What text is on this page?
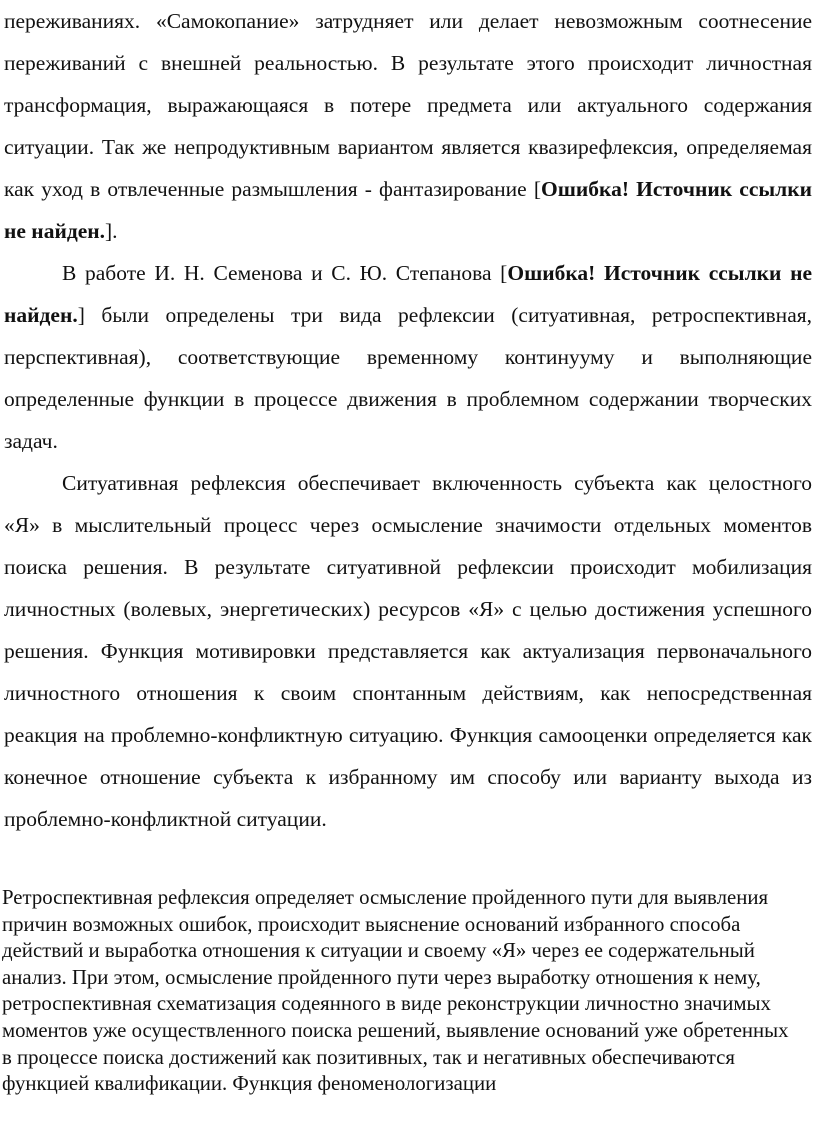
переживаниях. «Самокопание» затрудняет или делает невозможным соотнесение переживаний с внешней реальностью. В результате этого происходит личностная трансформация, выражающаяся в потере предмета или актуального содержания ситуации. Так же непродуктивным вариантом является квазирефлексия, определяемая как уход в отвлеченные размышления - фантазирование [Ошибка! Источник ссылки не найден.].

В работе И. Н. Семенова и С. Ю. Степанова [Ошибка! Источник ссылки не найден.] были определены три вида рефлексии (ситуативная, ретроспективная, перспективная), соответствующие временному континууму и выполняющие определенные функции в процессе движения в проблемном содержании творческих задач.

Ситуативная рефлексия обеспечивает включенность субъекта как целостного «Я» в мыслительный процесс через осмысление значимости отдельных моментов поиска решения. В результате ситуативной рефлексии происходит мобилизация личностных (волевых, энергетических) ресурсов «Я» с целью достижения успешного решения. Функция мотивировки представляется как актуализация первоначального личностного отношения к своим спонтанным действиям, как непосредственная реакция на проблемно-конфликтную ситуацию. Функция самооценки определяется как конечное отношение субъекта к избранному им способу или варианту выхода из проблемно-конфликтной ситуации.

Ретроспективная рефлексия определяет осмысление пройденного пути для выявления причин возможных ошибок, происходит выяснение оснований избранного способа действий и выработка отношения к ситуации и своему «Я» через ее содержательный анализ. При этом, осмысление пройденного пути через выработку отношения к нему, ретроспективная схематизация содеянного в виде реконструкции личностно значимых моментов уже осуществленного поиска решений, выявление оснований уже обретенных в процессе поиска достижений как позитивных, так и негативных обеспечиваются функцией квалификации. Функция феноменологизации
